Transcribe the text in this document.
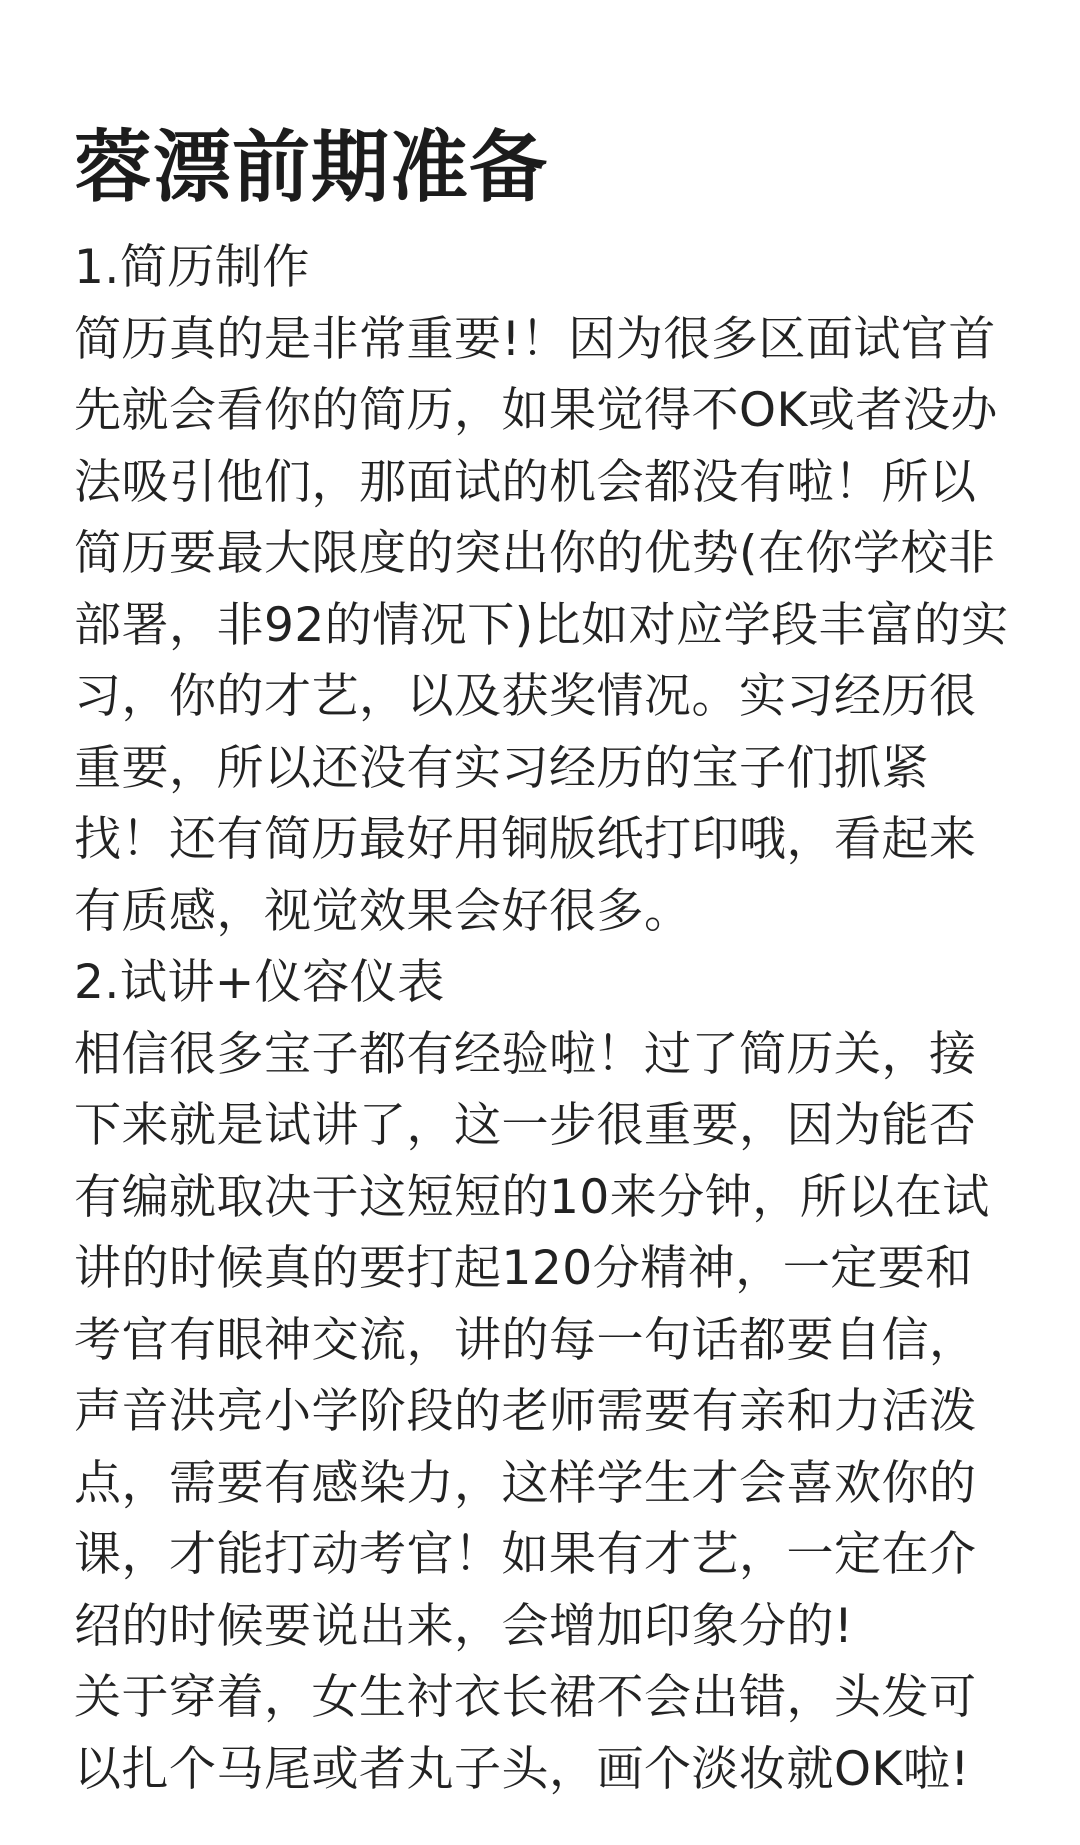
蓉漂前期准备

1.简历制作

简历真的是非常重要!！因为很多区面试官首先就会看你的简历，如果觉得不OK或者没办法吸引他们，那面试的机会都没有啦！所以简历要最大限度的突出你的优势(在你学校非部署，非92的情况下)比如对应学段丰富的实习，你的才艺，以及获奖情况。实习经历很重要，所以还没有实习经历的宝子们抓紧找！还有简历最好用铜版纸打印哦，看起来有质感，视觉效果会好很多。

2.试讲+仪容仪表

相信很多宝子都有经验啦！过了简历关，接下来就是试讲了，这一步很重要，因为能否有编就取决于这短短的10来分钟，所以在试讲的时候真的要打起120分精神，一定要和考官有眼神交流，讲的每一句话都要自信，声音洪亮小学阶段的老师需要有亲和力活泼点，需要有感染力，这样学生才会喜欢你的课，才能打动考官！如果有才艺，一定在介绍的时候要说出来，会增加印象分的!

关于穿着，女生衬衣长裙不会出错，头发可以扎个马尾或者丸子头，画个淡妆就OK啦!
